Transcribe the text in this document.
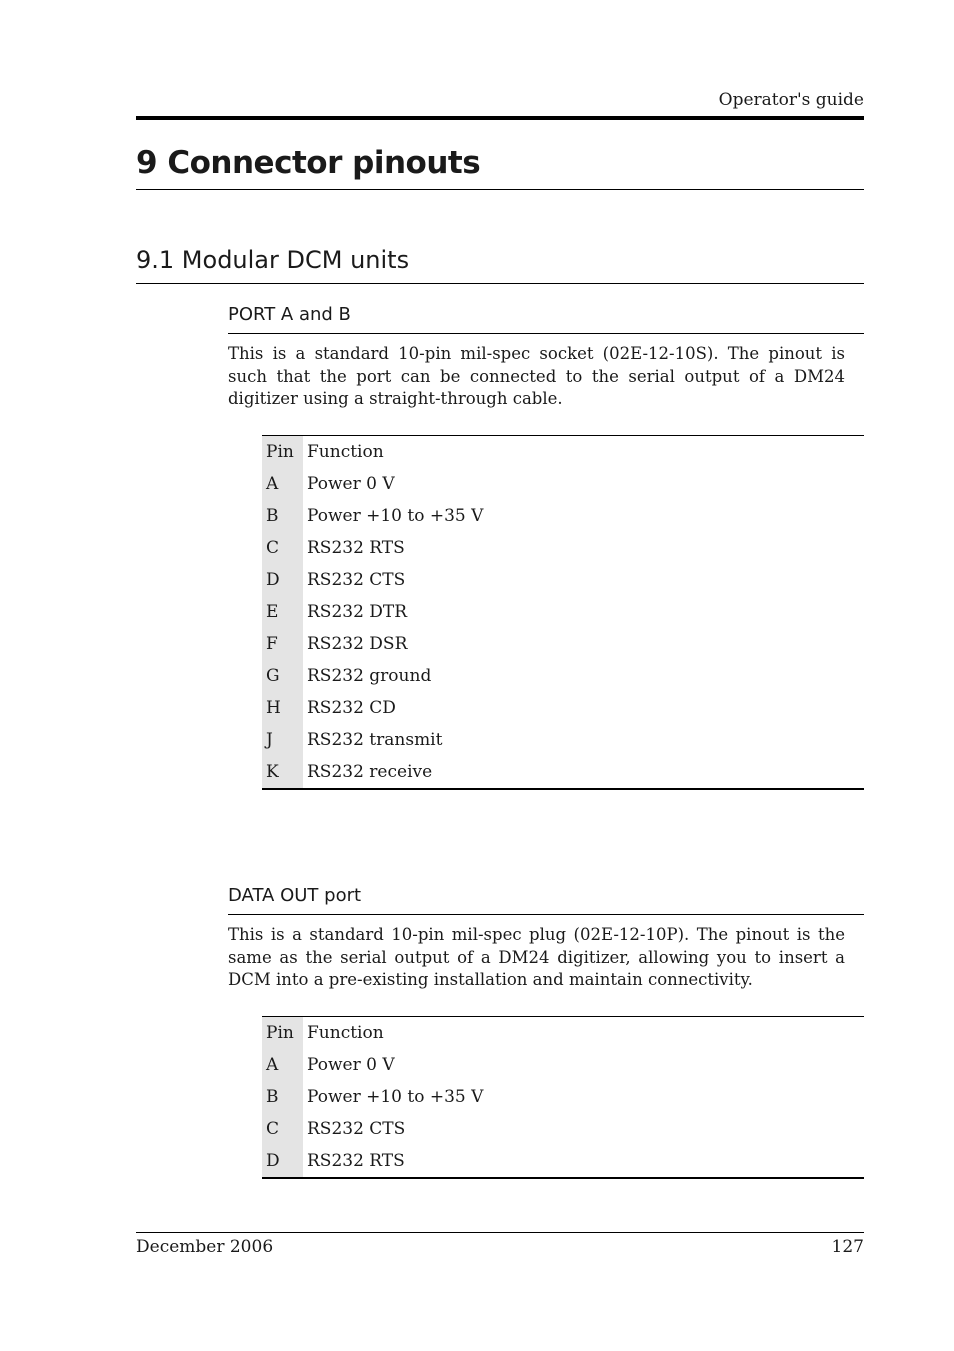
Operator's guide
9 Connector pinouts
9.1 Modular DCM units
PORT A and B

This is a standard 10-pin mil-spec socket (02E-12-10S). The pinout is such that the port can be connected to the serial output of a DM24 digitizer using a straight-through cable.

Pin	Function
A	Power 0 V
B	Power +10 to +35 V
C	RS232 RTS
D	RS232 CTS
E	RS232 DTR
F	RS232 DSR
G	RS232 ground
H	RS232 CD
J	RS232 transmit
K	RS232 receive
DATA OUT port

This is a standard 10-pin mil-spec plug (02E-12-10P). The pinout is the same as the serial output of a DM24 digitizer, allowing you to insert a DCM into a pre-existing installation and maintain connectivity.

Pin	Function
A	Power 0 V
B	Power +10 to +35 V
C	RS232 CTS
D	RS232 RTS
December 2006	127
